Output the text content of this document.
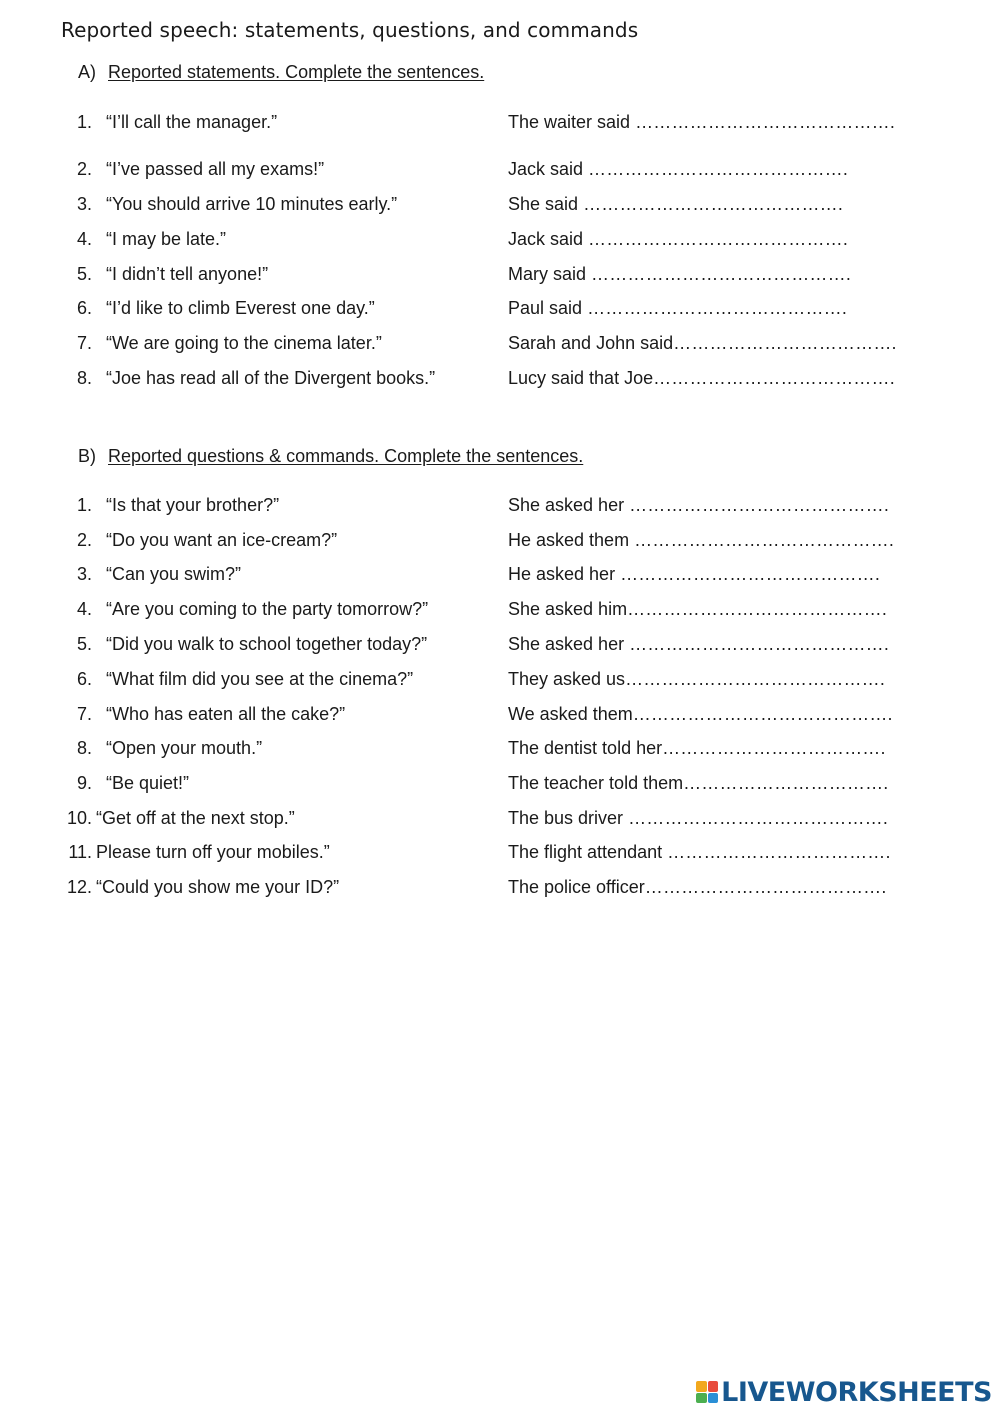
Reported speech: statements, questions, and commands
A) Reported statements. Complete the sentences.
1. “I’ll call the manager.”	The waiter said …………………………………….
2. “I’ve passed all my exams!”	Jack said …………………………………….
3. “You should arrive 10 minutes early.”	She said …………………………………….
4. “I may be late.”	Jack said …………………………………….
5. “I didn’t tell anyone!”	Mary said …………………………………….
6. “I’d like to climb Everest one day.”	Paul said …………………………………….
7. “We are going to the cinema later.”	Sarah and John said……………………………….
8. “Joe has read all of the Divergent books.”	Lucy said that Joe………………………………….
B) Reported questions & commands. Complete the sentences.
1. “Is that your brother?”	She asked her …………………………………….
2. “Do you want an ice-cream?”	He asked them …………………………………….
3. “Can you swim?”	He asked her …………………………………….
4. “Are you coming to the party tomorrow?”	She asked him…………………………………….
5. “Did you walk to school together today?”	She asked her …………………………………….
6. “What film did you see at the cinema?”	They asked us…………………………………….
7. “Who has eaten all the cake?”	We asked them…………………………………….
8. “Open your mouth.”	The dentist told her……………………………….
9. “Be quiet!”	The teacher told them…………………………….
10. “Get off at the next stop.”	The bus driver …………………………………….
11. Please turn off your mobiles.”	The flight attendant ……………………………….
12. “Could you show me your ID?”	The police officer………………………………….
LIVEWORKSHEETS
